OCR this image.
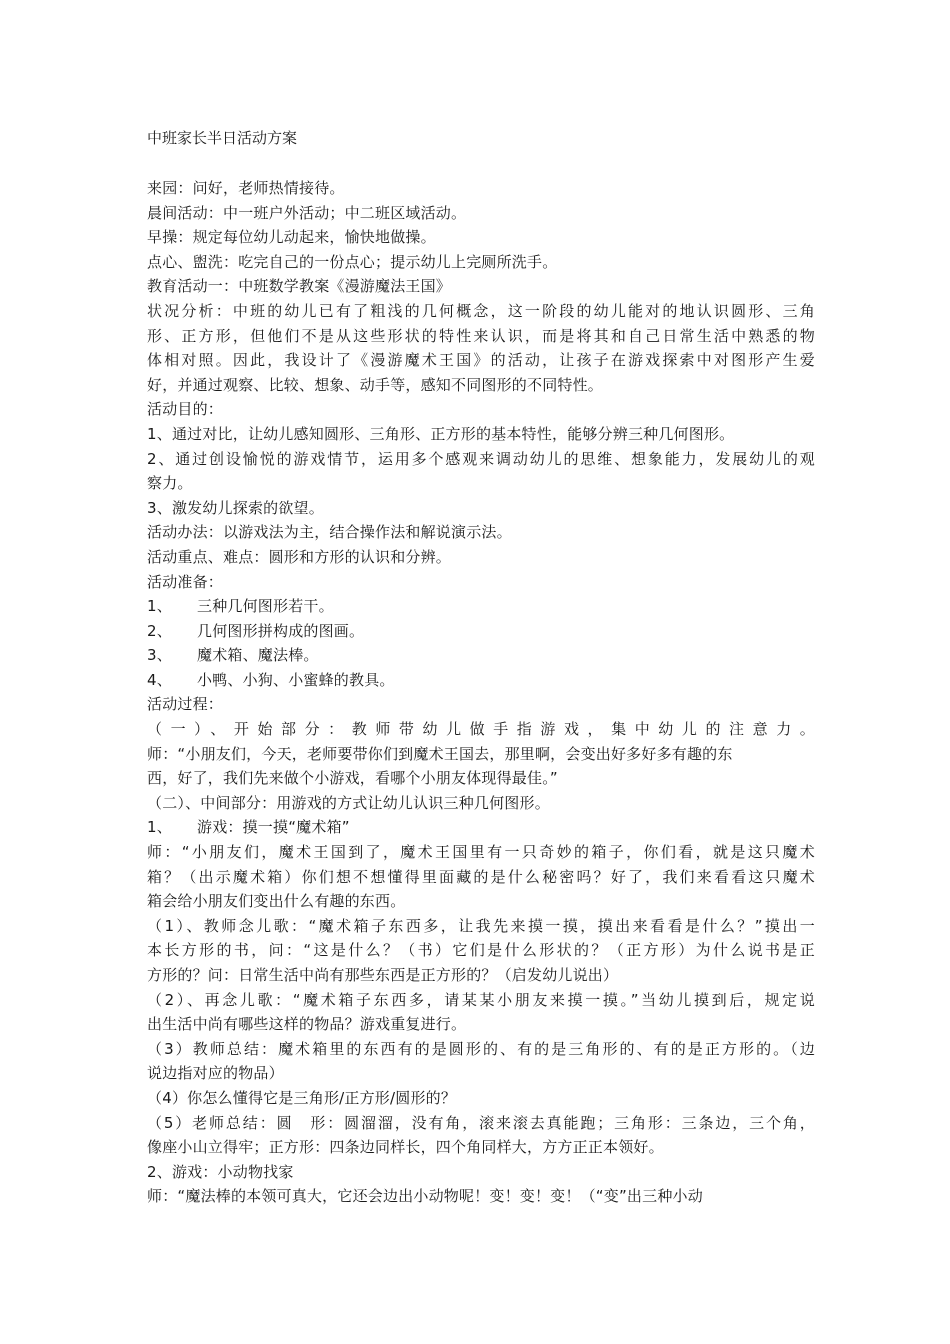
中班家长半日活动方案
来园：问好，老师热情接待。
晨间活动：中一班户外活动；中二班区域活动。
早操：规定每位幼儿动起来，愉快地做操。
点心、盥洗：吃完自己的一份点心；提示幼儿上完厕所洗手。
教育活动一：中班数学教案《漫游魔法王国》
状况分析：中班的幼儿已有了粗浅的几何概念，这一阶段的幼儿能对的地认识圆形、三角
形、正方形，但他们不是从这些形状的特性来认识，而是将其和自己日常生活中熟悉的物
体相对照。因此，我设计了《漫游魔术王国》的活动，让孩子在游戏探索中对图形产生爱
好，并通过观察、比较、想象、动手等，感知不同图形的不同特性。
活动目的：
1、通过对比，让幼儿感知圆形、三角形、正方形的基本特性，能够分辨三种几何图形。
2、通过创设愉悦的游戏情节，运用多个感观来调动幼儿的思维、想象能力，发展幼儿的观
察力。
3、激发幼儿探索的欲望。
活动办法：以游戏法为主，结合操作法和解说演示法。
活动重点、难点：圆形和方形的认识和分辨。
活动准备：
1、 三种几何图形若干。
2、 几何图形拼构成的图画。
3、 魔术箱、魔法棒。
4、 小鸭、小狗、小蜜蜂的教具。
活动过程：
（一）、开始部分：教师带幼儿做手指游戏，集中幼儿的注意力。
师：“小朋友们，今天，老师要带你们到魔术王国去，那里啊，会变出好多好多有趣的东
西，好了，我们先来做个小游戏，看哪个小朋友体现得最佳。”
（二）、中间部分：用游戏的方式让幼儿认识三种几何图形。
1、 游戏：摸一摸“魔术箱”
师：“小朋友们，魔术王国到了，魔术王国里有一只奇妙的箱子，你们看，就是这只魔术
箱？（出示魔术箱）你们想不想懂得里面藏的是什么秘密吗？好了，我们来看看这只魔术
箱会给小朋友们变出什么有趣的东西。
（1）、教师念儿歌：“魔术箱子东西多，让我先来摸一摸，摸出来看看是什么？”摸出一
本长方形的书，问：“这是什么？（书）它们是什么形状的？（正方形）为什么说书是正
方形的？问：日常生活中尚有那些东西是正方形的？（启发幼儿说出）
（2）、再念儿歌：“魔术箱子东西多，请某某小朋友来摸一摸。”当幼儿摸到后，规定说
出生活中尚有哪些这样的物品？游戏重复进行。
（3）教师总结：魔术箱里的东西有的是圆形的、有的是三角形的、有的是正方形的。（边
说边指对应的物品）
（4）你怎么懂得它是三角形/正方形/圆形的？
（5）老师总结：圆　形：圆溜溜，没有角，滚来滚去真能跑；三角形：三条边，三个角，
像座小山立得牢；正方形：四条边同样长，四个角同样大，方方正正本领好。
2、游戏：小动物找家
师：“魔法棒的本领可真大，它还会边出小动物呢！变！变！变！（“变”出三种小动
